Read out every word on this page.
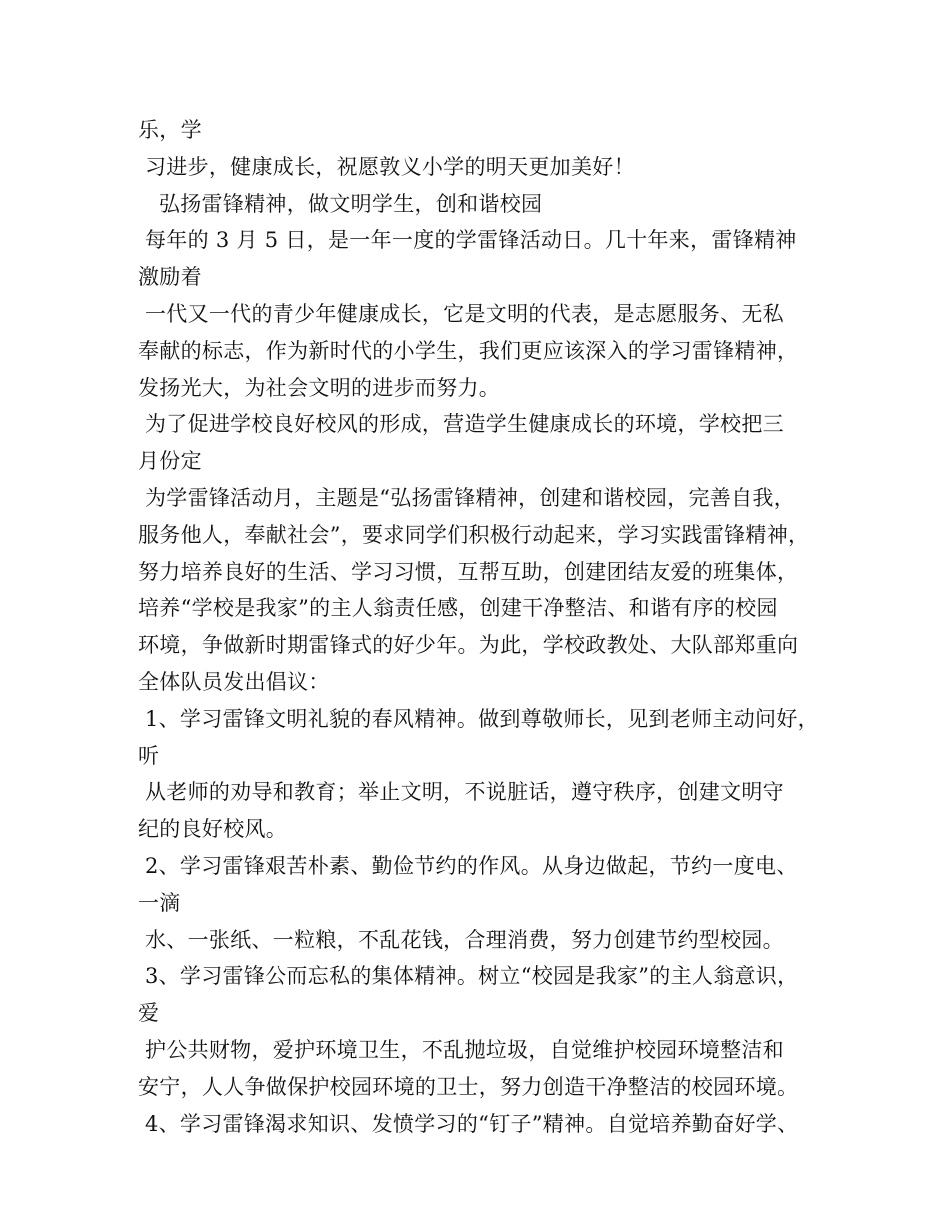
乐，学
习进步，健康成长，祝愿敦义小学的明天更加美好！
弘扬雷锋精神，做文明学生，创和谐校园
每年的 3 月 5 日，是一年一度的学雷锋活动日。几十年来，雷锋精神
激励着
一代又一代的青少年健康成长，它是文明的代表，是志愿服务、无私
奉献的标志，作为新时代的小学生，我们更应该深入的学习雷锋精神，
发扬光大，为社会文明的进步而努力。
为了促进学校良好校风的形成，营造学生健康成长的环境，学校把三
月份定
为学雷锋活动月，主题是“弘扬雷锋精神，创建和谐校园，完善自我，
服务他人，奉献社会”，要求同学们积极行动起来，学习实践雷锋精神，
努力培养良好的生活、学习习惯，互帮互助，创建团结友爱的班集体，
培养“学校是我家”的主人翁责任感，创建干净整洁、和谐有序的校园
环境，争做新时期雷锋式的好少年。为此，学校政教处、大队部郑重向
全体队员发出倡议：
1、学习雷锋文明礼貌的春风精神。做到尊敬师长，见到老师主动问好，
听
从老师的劝导和教育；举止文明，不说脏话，遵守秩序，创建文明守
纪的良好校风。
2、学习雷锋艰苦朴素、勤俭节约的作风。从身边做起，节约一度电、
一滴
水、一张纸、一粒粮，不乱花钱，合理消费，努力创建节约型校园。
3、学习雷锋公而忘私的集体精神。树立“校园是我家”的主人翁意识，
爱
护公共财物，爱护环境卫生，不乱抛垃圾，自觉维护校园环境整洁和
安宁，人人争做保护校园环境的卫士，努力创造干净整洁的校园环境。
4、学习雷锋渴求知识、发愤学习的“钉子”精神。自觉培养勤奋好学、
